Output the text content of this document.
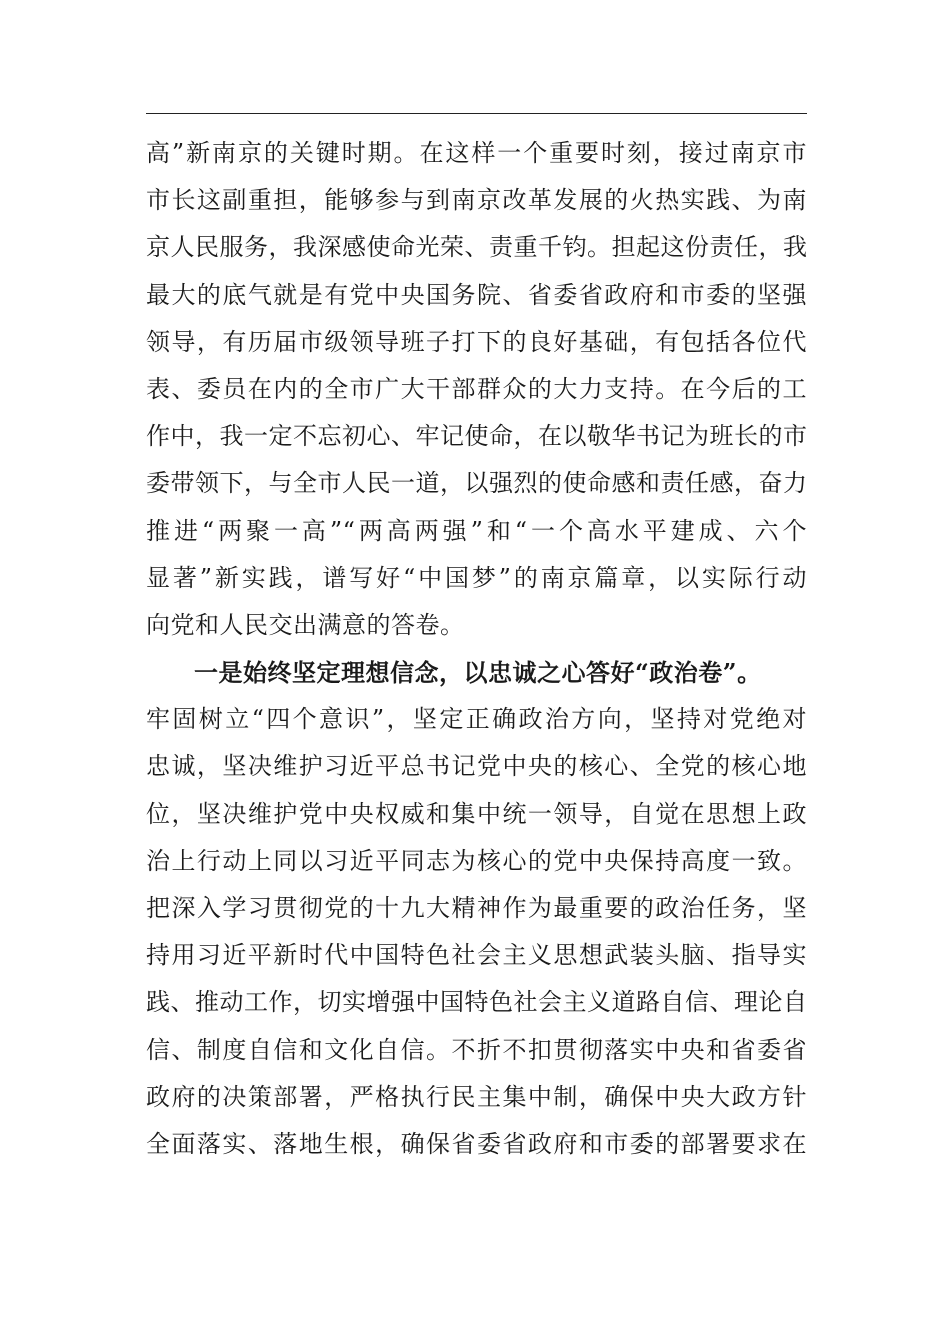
高”新南京的关键时期。在这样一个重要时刻，接过南京市
市长这副重担，能够参与到南京改革发展的火热实践、为南
京人民服务，我深感使命光荣、责重千钧。担起这份责任，我
最大的底气就是有党中央国务院、省委省政府和市委的坚强
领导，有历届市级领导班子打下的良好基础，有包括各位代
表、委员在内的全市广大干部群众的大力支持。在今后的工
作中，我一定不忘初心、牢记使命，在以敬华书记为班长的市
委带领下，与全市人民一道，以强烈的使命感和责任感，奋力
推进“两聚一高”“两高两强”和“一个高水平建成、六个
显著”新实践，谱写好“中国梦”的南京篇章，以实际行动
向党和人民交出满意的答卷。
一是始终坚定理想信念，以忠诚之心答好“政治卷”。
牢固树立“四个意识”，坚定正确政治方向，坚持对党绝对
忠诚，坚决维护习近平总书记党中央的核心、全党的核心地
位，坚决维护党中央权威和集中统一领导，自觉在思想上政
治上行动上同以习近平同志为核心的党中央保持高度一致。
把深入学习贯彻党的十九大精神作为最重要的政治任务，坚
持用习近平新时代中国特色社会主义思想武装头脑、指导实
践、推动工作，切实增强中国特色社会主义道路自信、理论自
信、制度自信和文化自信。不折不扣贯彻落实中央和省委省
政府的决策部署，严格执行民主集中制，确保中央大政方针
全面落实、落地生根，确保省委省政府和市委的部署要求在
